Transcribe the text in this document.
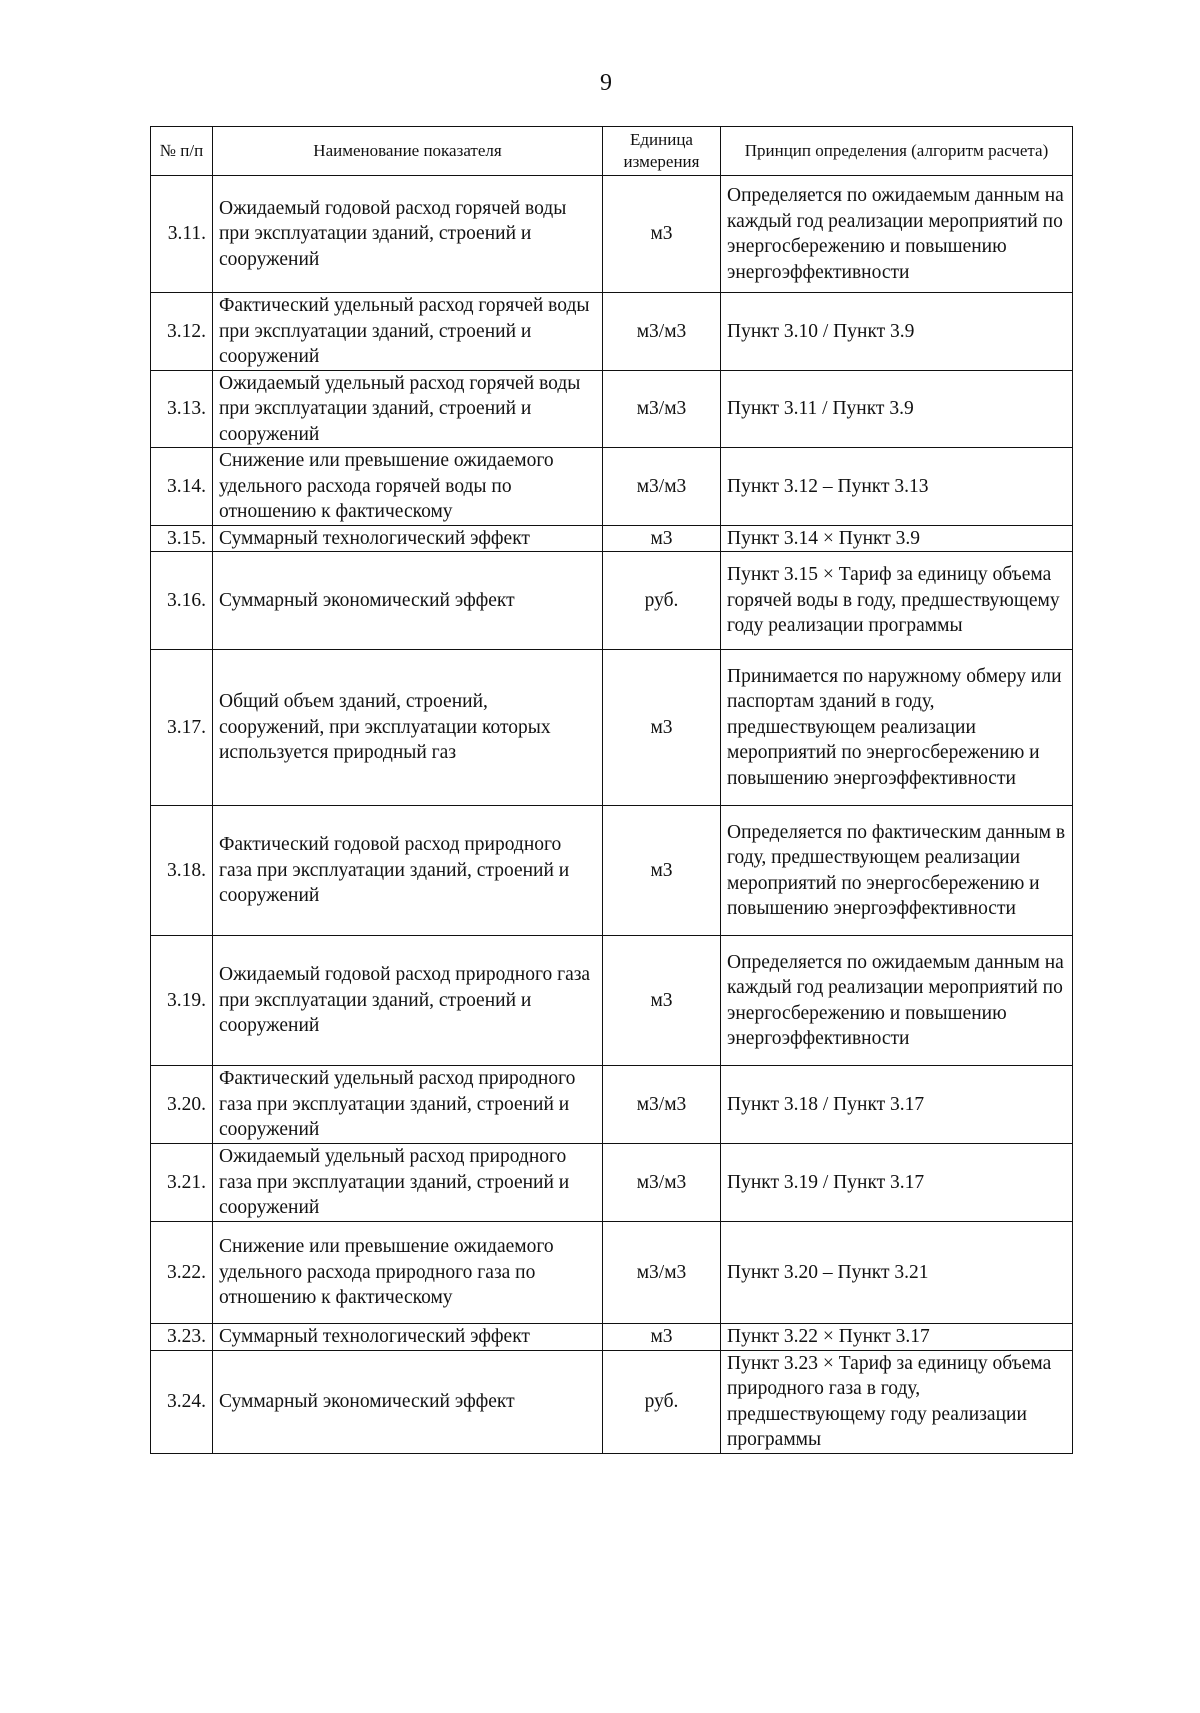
9
№ п/п	Наименование показателя	Единица измерения	Принцип определения (алгоритм расчета)
3.11.	Ожидаемый годовой расход горячей воды при эксплуатации зданий, строений и сооружений	м3	Определяется по ожидаемым данным на каждый год реализации мероприятий по энергосбережению и повышению энергоэффективности
3.12.	Фактический удельный расход горячей воды при эксплуатации зданий, строений и сооружений	м3/м3	Пункт 3.10 / Пункт 3.9
3.13.	Ожидаемый удельный расход горячей воды при эксплуатации зданий, строений и сооружений	м3/м3	Пункт 3.11 / Пункт 3.9
3.14.	Снижение или превышение ожидаемого удельного расхода горячей воды по отношению к фактическому	м3/м3	Пункт 3.12 – Пункт 3.13
3.15.	Суммарный технологический эффект	м3	Пункт 3.14 × Пункт 3.9
3.16.	Суммарный экономический эффект	руб.	Пункт 3.15 × Тариф за единицу объема горячей воды в году, предшествующему году реализации программы
3.17.	Общий объем зданий, строений, сооружений, при эксплуатации которых используется природный газ	м3	Принимается по наружному обмеру или паспортам зданий в году, предшествующем реализации мероприятий по энергосбережению и повышению энергоэффективности
3.18.	Фактический годовой расход природного газа при эксплуатации зданий, строений и сооружений	м3	Определяется по фактическим данным в году, предшествующем реализации мероприятий по энергосбережению и повышению энергоэффективности
3.19.	Ожидаемый годовой расход природного газа при эксплуатации зданий, строений и сооружений	м3	Определяется по ожидаемым данным на каждый год реализации мероприятий по энергосбережению и повышению энергоэффективности
3.20.	Фактический удельный расход природного газа при эксплуатации зданий, строений и сооружений	м3/м3	Пункт 3.18 / Пункт 3.17
3.21.	Ожидаемый удельный расход природного газа при эксплуатации зданий, строений и сооружений	м3/м3	Пункт 3.19 / Пункт 3.17
3.22.	Снижение или превышение ожидаемого удельного расхода природного газа по отношению к фактическому	м3/м3	Пункт 3.20 – Пункт 3.21
3.23.	Суммарный технологический эффект	м3	Пункт 3.22 × Пункт 3.17
3.24.	Суммарный экономический эффект	руб.	Пункт 3.23 × Тариф за единицу объема природного газа в году, предшествующему году реализации программы
